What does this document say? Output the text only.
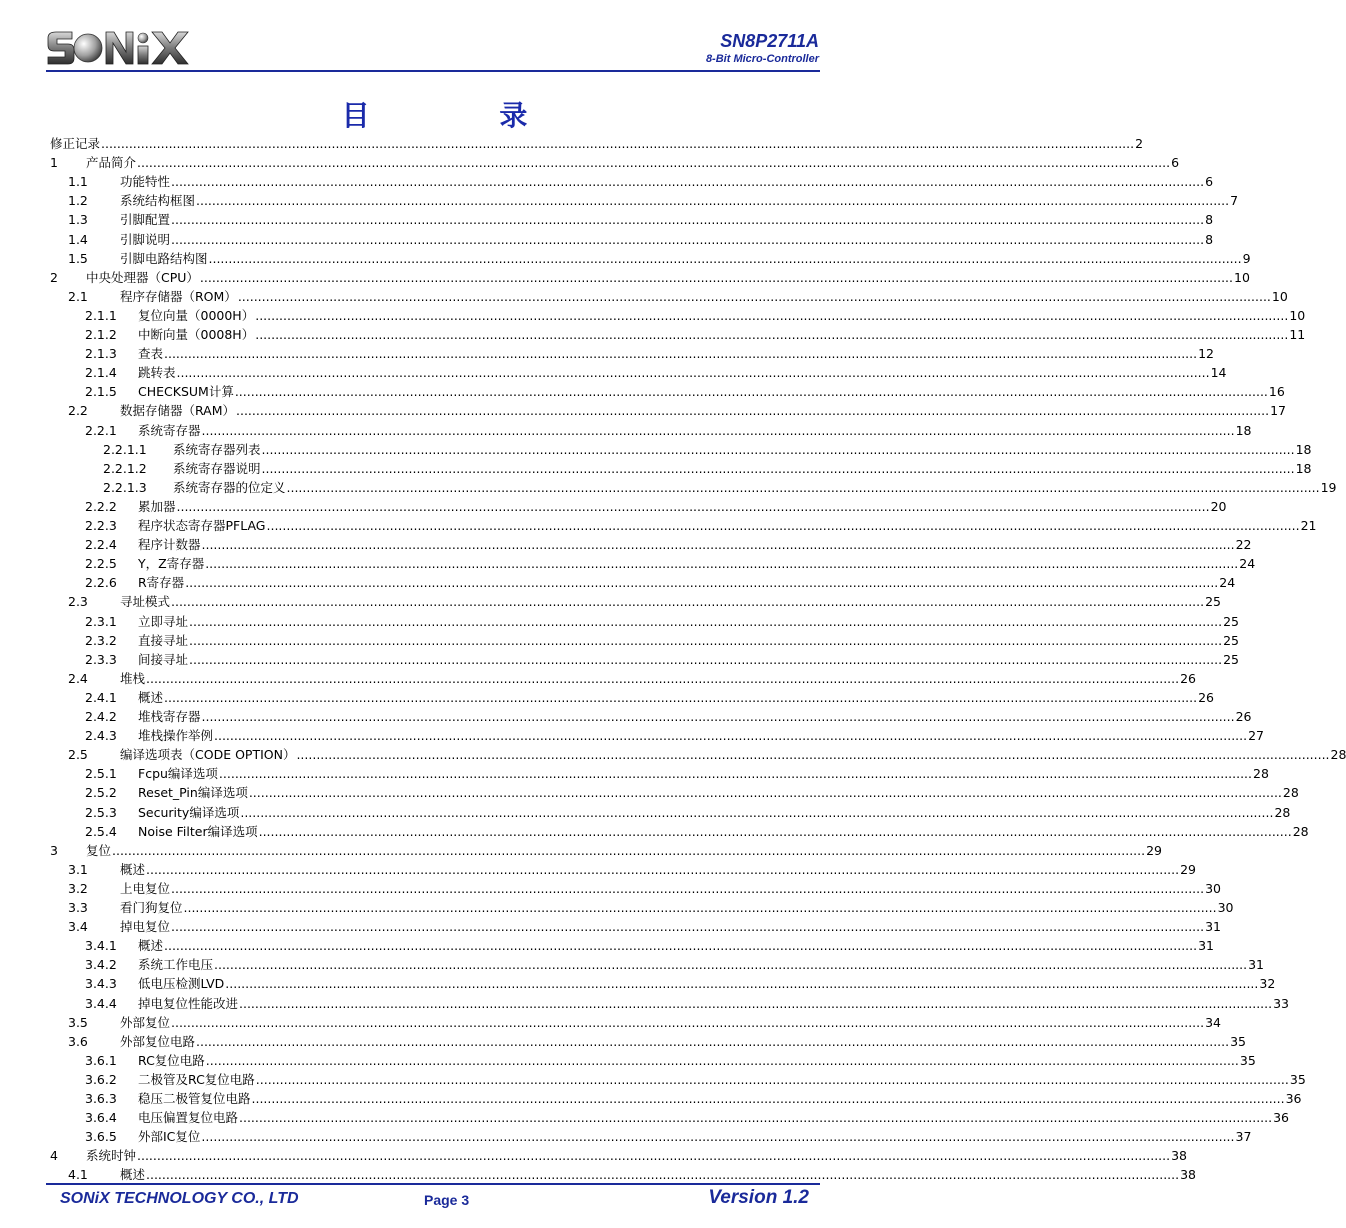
SN8P2711A
8-Bit Micro-Controller
目 录
修正记录 .................................................................................................................................................................................................................................................................... 2
1	产品简介 .................................................................................................................................................................................................................................................................... 6
1.1	功能特性 .................................................................................................................................................................................................................................................................... 6
1.2	系统结构框图 .................................................................................................................................................................................................................................................................... 7
1.3	引脚配置 .................................................................................................................................................................................................................................................................... 8
1.4	引脚说明 .................................................................................................................................................................................................................................................................... 8
1.5	引脚电路结构图 .................................................................................................................................................................................................................................................................... 9
2	中央处理器（CPU） .................................................................................................................................................................................................................................................................... 10
2.1	程序存储器（ROM） .................................................................................................................................................................................................................................................................... 10
2.1.1	复位向量（0000H） .................................................................................................................................................................................................................................................................... 10
2.1.2	中断向量（0008H） .................................................................................................................................................................................................................................................................... 11
2.1.3	查表 .................................................................................................................................................................................................................................................................... 12
2.1.4	跳转表 .................................................................................................................................................................................................................................................................... 14
2.1.5	CHECKSUM计算 .................................................................................................................................................................................................................................................................... 16
2.2	数据存储器（RAM） .................................................................................................................................................................................................................................................................... 17
2.2.1	系统寄存器 .................................................................................................................................................................................................................................................................... 18
2.2.1.1	系统寄存器列表 .................................................................................................................................................................................................................................................................... 18
2.2.1.2	系统寄存器说明 .................................................................................................................................................................................................................................................................... 18
2.2.1.3	系统寄存器的位定义 .................................................................................................................................................................................................................................................................... 19
2.2.2	累加器 .................................................................................................................................................................................................................................................................... 20
2.2.3	程序状态寄存器PFLAG .................................................................................................................................................................................................................................................................... 21
2.2.4	程序计数器 .................................................................................................................................................................................................................................................................... 22
2.2.5	Y，Z寄存器 .................................................................................................................................................................................................................................................................... 24
2.2.6	R寄存器 .................................................................................................................................................................................................................................................................... 24
2.3	寻址模式 .................................................................................................................................................................................................................................................................... 25
2.3.1	立即寻址 .................................................................................................................................................................................................................................................................... 25
2.3.2	直接寻址 .................................................................................................................................................................................................................................................................... 25
2.3.3	间接寻址 .................................................................................................................................................................................................................................................................... 25
2.4	堆栈 .................................................................................................................................................................................................................................................................... 26
2.4.1	概述 .................................................................................................................................................................................................................................................................... 26
2.4.2	堆栈寄存器 .................................................................................................................................................................................................................................................................... 26
2.4.3	堆栈操作举例 .................................................................................................................................................................................................................................................................... 27
2.5	编译选项表（CODE OPTION） .................................................................................................................................................................................................................................................................... 28
2.5.1	Fcpu编译选项 .................................................................................................................................................................................................................................................................... 28
2.5.2	Reset_Pin编译选项 .................................................................................................................................................................................................................................................................... 28
2.5.3	Security编译选项 .................................................................................................................................................................................................................................................................... 28
2.5.4	Noise Filter编译选项 .................................................................................................................................................................................................................................................................... 28
3	复位 .................................................................................................................................................................................................................................................................... 29
3.1	概述 .................................................................................................................................................................................................................................................................... 29
3.2	上电复位 .................................................................................................................................................................................................................................................................... 30
3.3	看门狗复位 .................................................................................................................................................................................................................................................................... 30
3.4	掉电复位 .................................................................................................................................................................................................................................................................... 31
3.4.1	概述 .................................................................................................................................................................................................................................................................... 31
3.4.2	系统工作电压 .................................................................................................................................................................................................................................................................... 31
3.4.3	低电压检测LVD .................................................................................................................................................................................................................................................................... 32
3.4.4	掉电复位性能改进 .................................................................................................................................................................................................................................................................... 33
3.5	外部复位 .................................................................................................................................................................................................................................................................... 34
3.6	外部复位电路 .................................................................................................................................................................................................................................................................... 35
3.6.1	RC复位电路 .................................................................................................................................................................................................................................................................... 35
3.6.2	二极管及RC复位电路 .................................................................................................................................................................................................................................................................... 35
3.6.3	稳压二极管复位电路 .................................................................................................................................................................................................................................................................... 36
3.6.4	电压偏置复位电路 .................................................................................................................................................................................................................................................................... 36
3.6.5	外部IC复位 .................................................................................................................................................................................................................................................................... 37
4	系统时钟 .................................................................................................................................................................................................................................................................... 38
4.1	概述 .................................................................................................................................................................................................................................................................... 38
SONiX TECHNOLOGY CO., LTD	Page 3	Version 1.2
